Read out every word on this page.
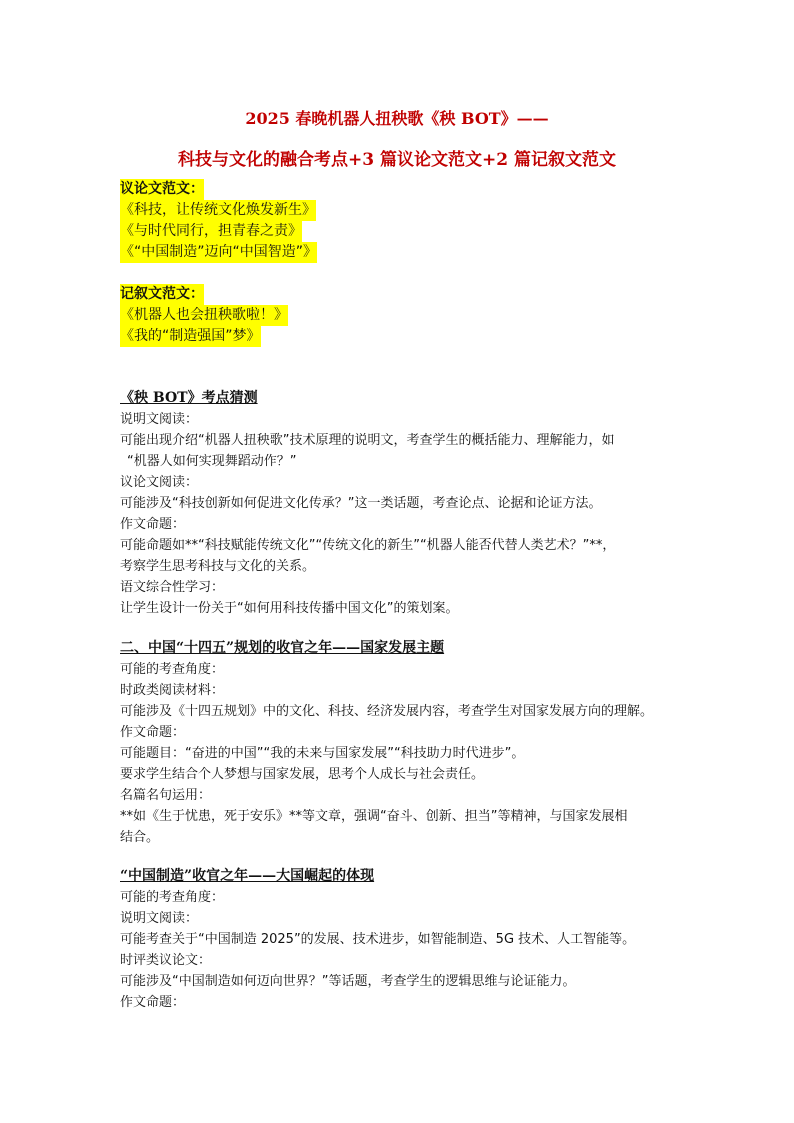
2025 春晚机器人扭秧歌《秧 BOT》——
科技与文化的融合考点+3 篇议论文范文+2 篇记叙文范文
议论文范文：
《科技，让传统文化焕发新生》
《与时代同行，担青春之责》
《“中国制造”迈向“中国智造”》
记叙文范文：
《机器人也会扭秧歌啦！》
《我的“制造强国”梦》
《秧 BOT》考点猜测
说明文阅读：
可能出现介绍“机器人扭秧歌”技术原理的说明文，考查学生的概括能力、理解能力，如
“机器人如何实现舞蹈动作？”
议论文阅读：
可能涉及“科技创新如何促进文化传承？”这一类话题，考查论点、论据和论证方法。
作文命题：
可能命题如**“科技赋能传统文化”“传统文化的新生”“机器人能否代替人类艺术？”**，
考察学生思考科技与文化的关系。
语文综合性学习：
让学生设计一份关于“如何用科技传播中国文化”的策划案。
二、中国“十四五”规划的收官之年——国家发展主题
可能的考查角度：
时政类阅读材料：
可能涉及《十四五规划》中的文化、科技、经济发展内容，考查学生对国家发展方向的理解。
作文命题：
可能题目：“奋进的中国”“我的未来与国家发展”“科技助力时代进步”。
要求学生结合个人梦想与国家发展，思考个人成长与社会责任。
名篇名句运用：
**如《生于忧患，死于安乐》**等文章，强调“奋斗、创新、担当”等精神，与国家发展相
结合。
“中国制造”收官之年——大国崛起的体现
可能的考查角度：
说明文阅读：
可能考查关于“中国制造 2025”的发展、技术进步，如智能制造、5G 技术、人工智能等。
时评类议论文：
可能涉及“中国制造如何迈向世界？”等话题，考查学生的逻辑思维与论证能力。
作文命题：
